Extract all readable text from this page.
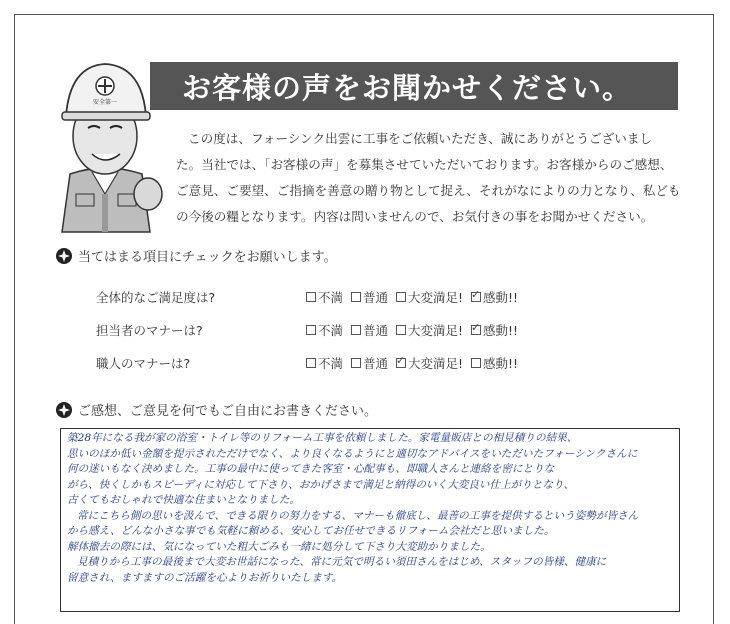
安全第一	お客様の声をお聞かせください。
この度は、フォーシンク出雲に工事をご依頼いただき、誠にありがとうございまし
た。当社では、「お客様の声」を募集させていただいております。お客様からのご感想、
ご意見、ご要望、ご指摘を善意の贈り物として捉え、それがなによりの力となり、私ども
の今後の糧となります。内容は問いませんので、お気付きの事をお聞かせください。
当てはまる項目にチェックをお願いします。
全体的なご満足度は?	不満 普通 大変満足! ✓ 感動!!
担当者のマナーは?	不満 普通 大変満足! ✓ 感動!!
職人のマナーは?	不満 普通 ✓ 大変満足! 感動!!
ご感想、ご意見を何でもご自由にお書きください。
築28年になる我が家の浴室・トイレ等のリフォーム工事を依頼しました。家電量販店との相見積りの結果、
思いのほか低い金額を提示されただけでなく、より良くなるようにと適切なアドバイスをいただいたフォーシンクさんに
何の迷いもなく決めました。工事の最中に使ってきた客室・心配事も、即職人さんと連絡を密にとりな
がら、快くしかもスピーディに対応して下さり、おかげさまで満足と納得のいく大変良い仕上がりとなり、
古くてもおしゃれで快適な住まいとなりました。
常にこちら側の思いを汲んで、できる限りの努力をする、マナーも徹底し、最善の工事を提供するという姿勢が皆さん
から感え、どんな小さな事でも気軽に頼める、安心してお任せできるリフォーム会社だと思いました。
解体撤去の際には、気になっていた粗大ごみも一緒に処分して下さり大変助かりました。
見積りから工事の最後まで大変お世話になった、常に元気で明るい須田さんをはじめ、スタッフの皆様、健康に
留意され、ますますのご活躍を心よりお祈りいたします。
